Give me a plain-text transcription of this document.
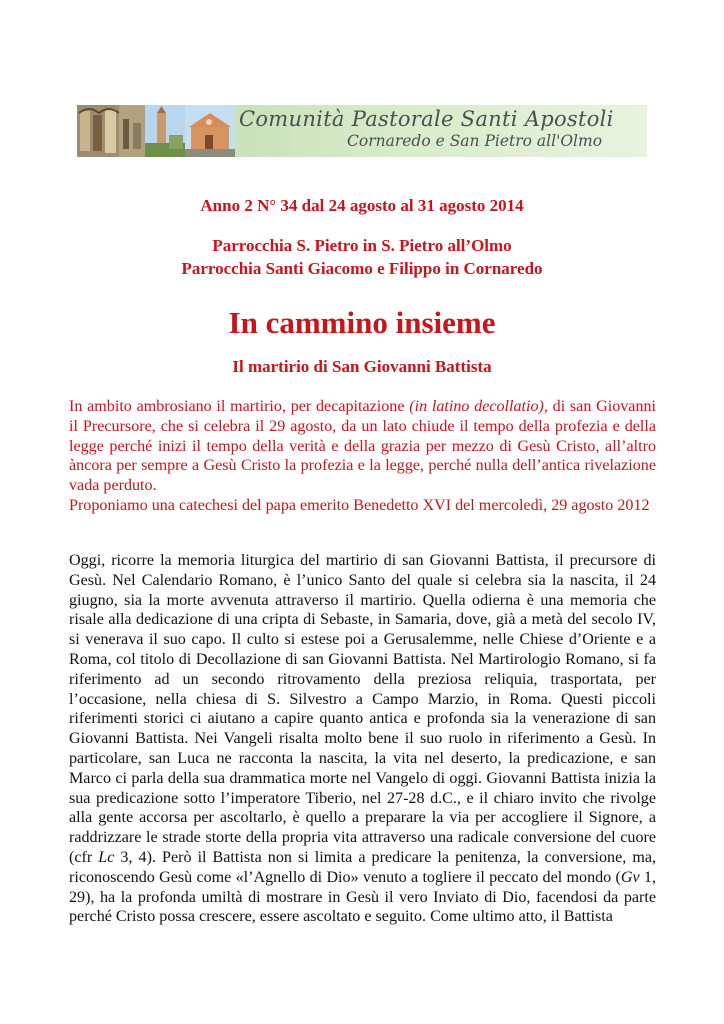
Comunità Pastorale Santi Apostoli
Cornaredo e San Pietro all'Olmo
Anno 2 N° 34 dal 24 agosto al 31 agosto 2014
Parrocchia S. Pietro in S. Pietro all’Olmo
Parrocchia Santi Giacomo e Filippo in Cornaredo
In cammino insieme
Il martirio di San Giovanni Battista

In ambito ambrosiano il martirio, per decapitazione (in latino decollatio), di san Giovanni il Precursore, che si celebra il 29 agosto, da un lato chiude il tempo della profezia e della legge perché inizi il tempo della verità e della grazia per mezzo di Gesù Cristo, all’altro àncora per sempre a Gesù Cristo la profezia e la legge, perché nulla dell’antica rivelazione vada perduto.

Proponiamo una catechesi del papa emerito Benedetto XVI del mercoledì, 29 agosto 2012

Oggi, ricorre la memoria liturgica del martirio di san Giovanni Battista, il precursore di Gesù. Nel Calendario Romano, è l’unico Santo del quale si celebra sia la nascita, il 24 giugno, sia la morte avvenuta attraverso il martirio. Quella odierna è una memoria che risale alla dedicazione di una cripta di Sebaste, in Samaria, dove, già a metà del secolo IV, si venerava il suo capo. Il culto si estese poi a Gerusalemme, nelle Chiese d’Oriente e a Roma, col titolo di Decollazione di san Giovanni Battista. Nel Martirologio Romano, si fa riferimento ad un secondo ritrovamento della preziosa reliquia, trasportata, per l’occasione, nella chiesa di S. Silvestro a Campo Marzio, in Roma. Questi piccoli riferimenti storici ci aiutano a capire quanto antica e profonda sia la venerazione di san Giovanni Battista. Nei Vangeli risalta molto bene il suo ruolo in riferimento a Gesù. In particolare, san Luca ne racconta la nascita, la vita nel deserto, la predicazione, e san Marco ci parla della sua drammatica morte nel Vangelo di oggi. Giovanni Battista inizia la sua predicazione sotto l’imperatore Tiberio, nel 27-28 d.C., e il chiaro invito che rivolge alla gente accorsa per ascoltarlo, è quello a preparare la via per accogliere il Signore, a raddrizzare le strade storte della propria vita attraverso una radicale conversione del cuore (cfr Lc 3, 4). Però il Battista non si limita a predicare la penitenza, la conversione, ma, riconoscendo Gesù come «l’Agnello di Dio» venuto a togliere il peccato del mondo (Gv 1, 29), ha la profonda umiltà di mostrare in Gesù il vero Inviato di Dio, facendosi da parte perché Cristo possa crescere, essere ascoltato e seguito. Come ultimo atto, il Battista
